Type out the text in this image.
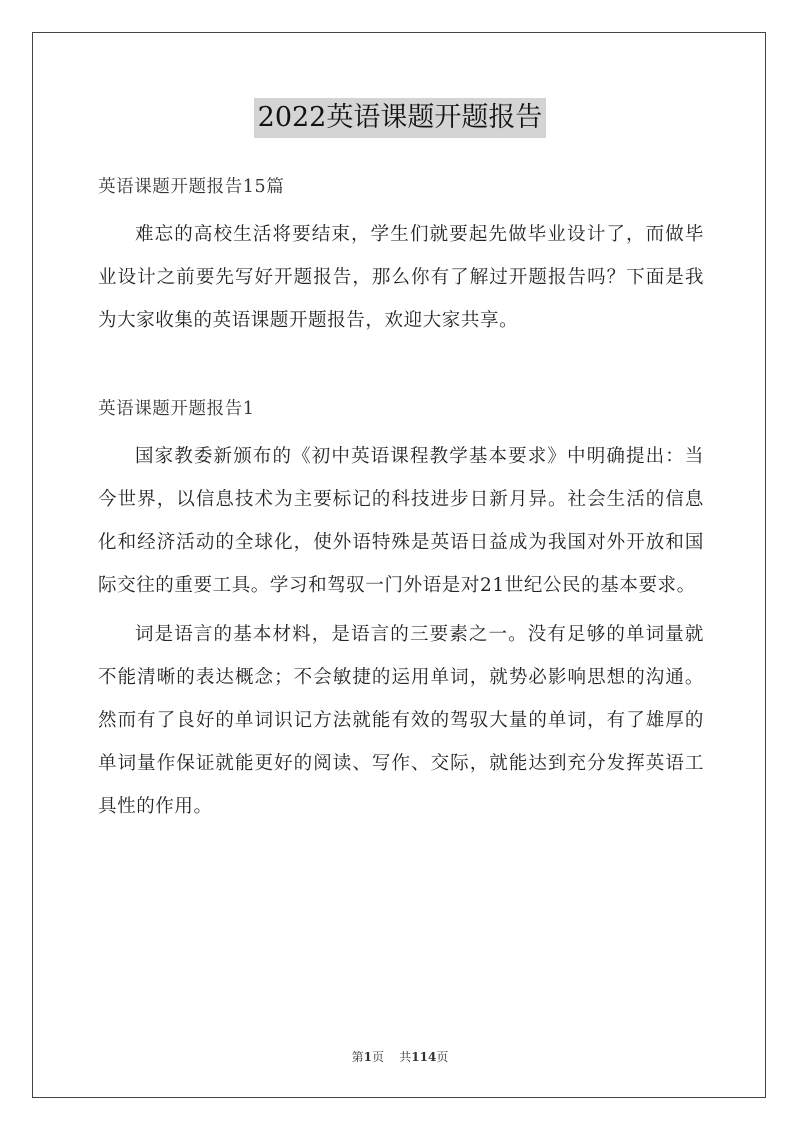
2022英语课题开题报告

英语课题开题报告15篇

难忘的高校生活将要结束，学生们就要起先做毕业设计了，而做毕业设计之前要先写好开题报告，那么你有了解过开题报告吗？下面是我为大家收集的英语课题开题报告，欢迎大家共享。

英语课题开题报告1

国家教委新颁布的《初中英语课程教学基本要求》中明确提出：当今世界，以信息技术为主要标记的科技进步日新月异。社会生活的信息化和经济活动的全球化，使外语特殊是英语日益成为我国对外开放和国际交往的重要工具。学习和驾驭一门外语是对21世纪公民的基本要求。

词是语言的基本材料，是语言的三要素之一。没有足够的单词量就不能清晰的表达概念；不会敏捷的运用单词，就势必影响思想的沟通。然而有了良好的单词识记方法就能有效的驾驭大量的单词，有了雄厚的单词量作保证就能更好的阅读、写作、交际，就能达到充分发挥英语工具性的作用。

第1页 共114页
